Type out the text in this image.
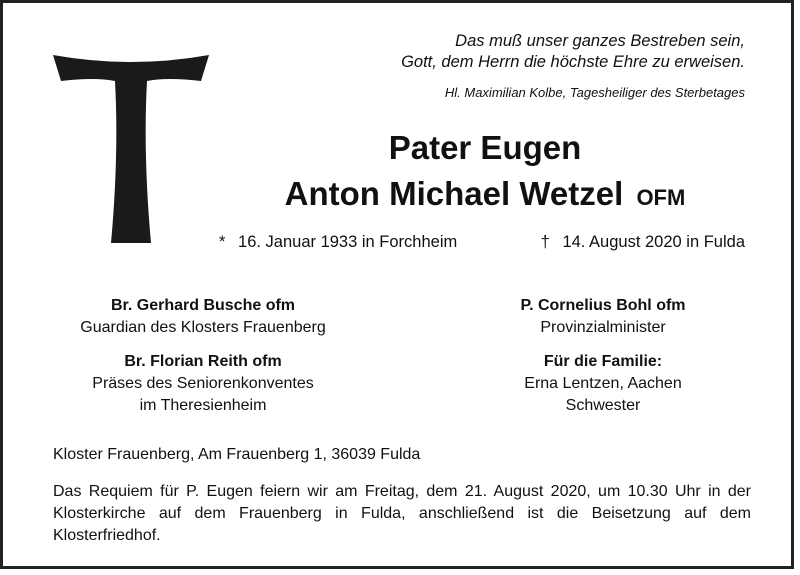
Das muß unser ganzes Bestreben sein,
Gott, dem Herrn die höchste Ehre zu erweisen.
Hl. Maximilian Kolbe, Tagesheiliger des Sterbetages
Pater Eugen
Anton Michael Wetzel OFM
* 16. Januar 1933 in Forchheim	† 14. August 2020 in Fulda
Br. Gerhard Busche ofm
Guardian des Klosters Frauenberg
Br. Florian Reith ofm
Präses des Seniorenkonventes
im Theresienheim
P. Cornelius Bohl ofm
Provinzialminister
Für die Familie:
Erna Lentzen, Aachen
Schwester
Kloster Frauenberg, Am Frauenberg 1, 36039 Fulda
Das Requiem für P. Eugen feiern wir am Freitag, dem 21. August 2020, um 10.30 Uhr in der Klosterkirche auf dem Frauenberg in Fulda, anschließend ist die Beisetzung auf dem Klosterfriedhof.
